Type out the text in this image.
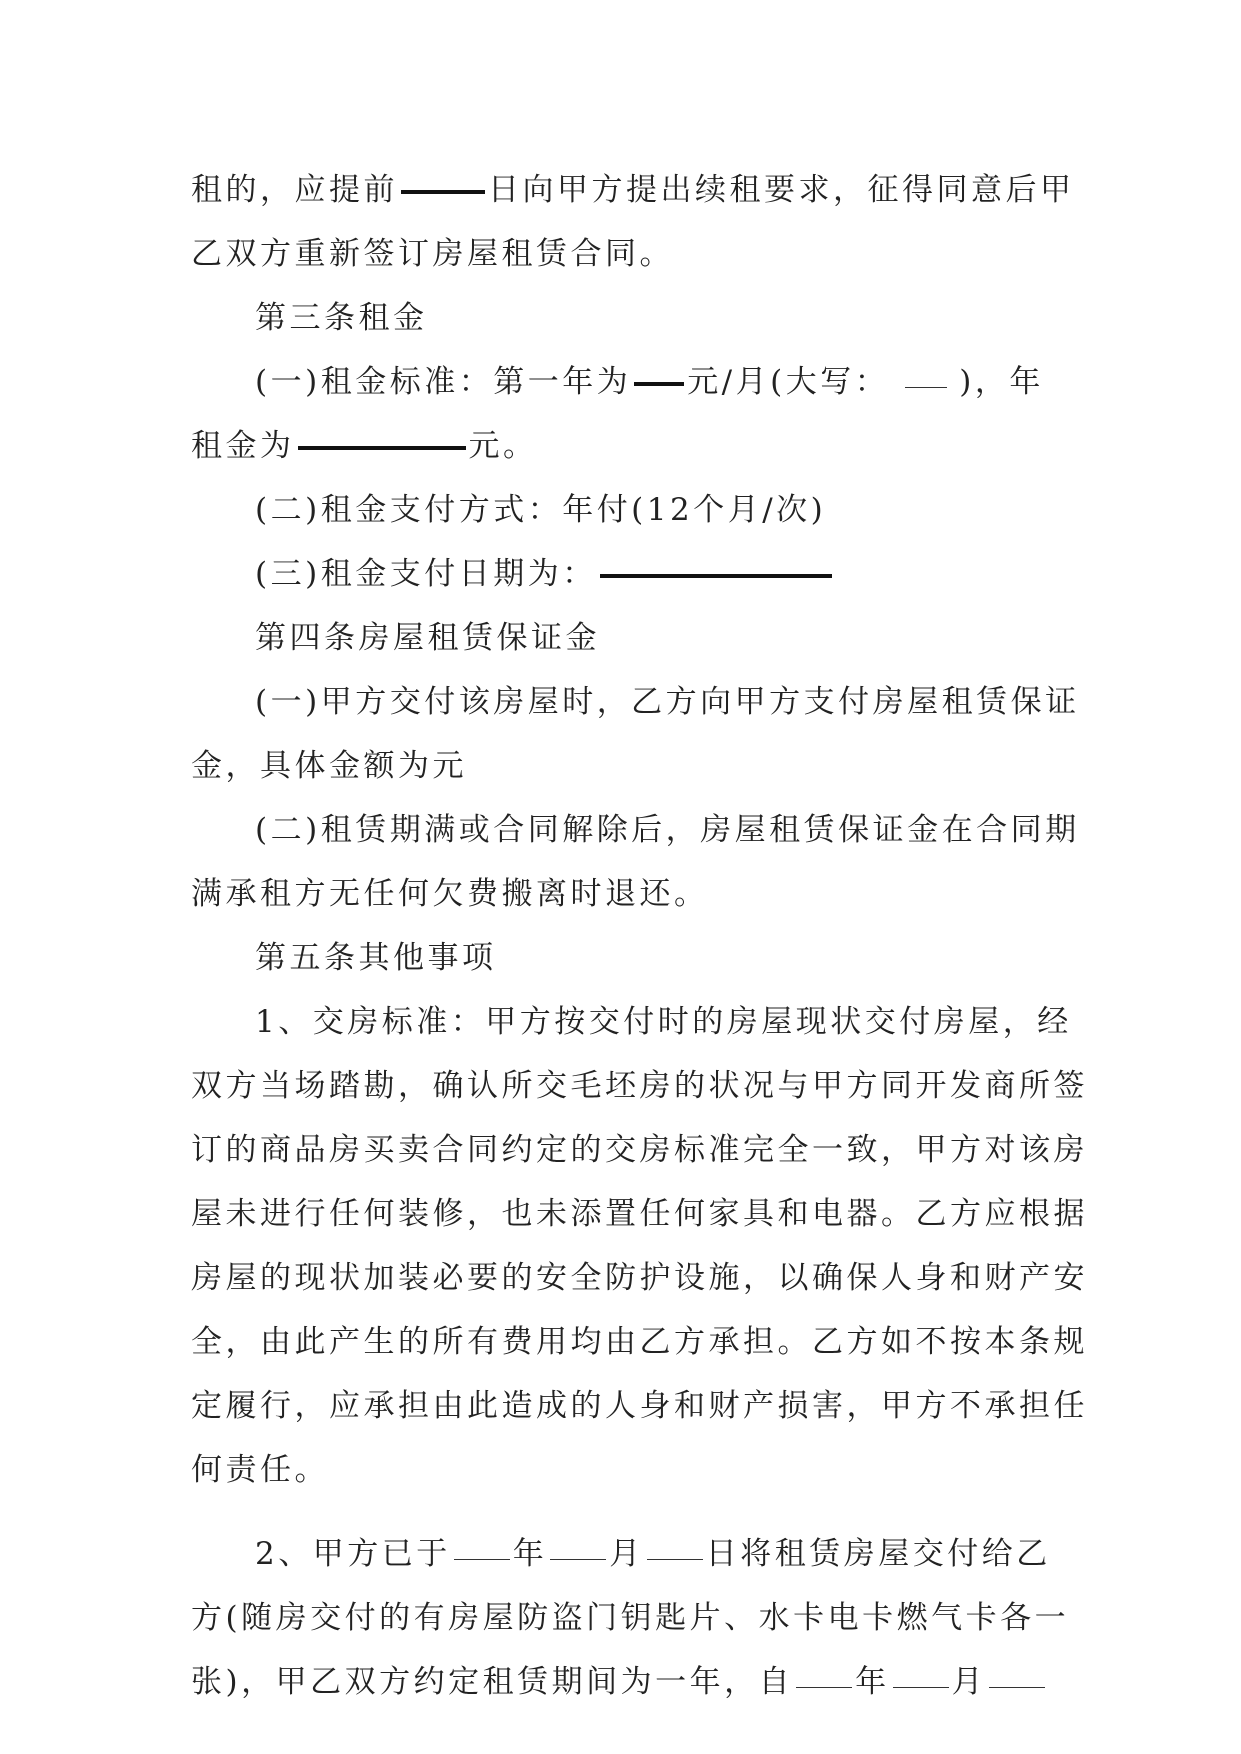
租的，应提前	日向甲方提出续租要求，征得同意后甲
乙双方重新签订房屋租赁合同。
第三条租金
(一)租金标准：第一年为 元/月(大写： )，年
租金为	元。
(二)租金支付方式：年付(12个月/次)
(三)租金支付日期为：
第四条房屋租赁保证金
(一)甲方交付该房屋时，乙方向甲方支付房屋租赁保证
金，具体金额为元
(二)租赁期满或合同解除后，房屋租赁保证金在合同期
满承租方无任何欠费搬离时退还。
第五条其他事项
1、交房标准：甲方按交付时的房屋现状交付房屋，经
双方当场踏勘，确认所交毛坯房的状况与甲方同开发商所签
订的商品房买卖合同约定的交房标准完全一致，甲方对该房
屋未进行任何装修，也未添置任何家具和电器。乙方应根据
房屋的现状加装必要的安全防护设施，以确保人身和财产安
全，由此产生的所有费用均由乙方承担。乙方如不按本条规
定履行，应承担由此造成的人身和财产损害，甲方不承担任
何责任。
2、甲方已于 年 月 日将租赁房屋交付给乙
方(随房交付的有房屋防盗门钥匙片、水卡电卡燃气卡各一
张)，甲乙双方约定租赁期间为一年，自 年 月
